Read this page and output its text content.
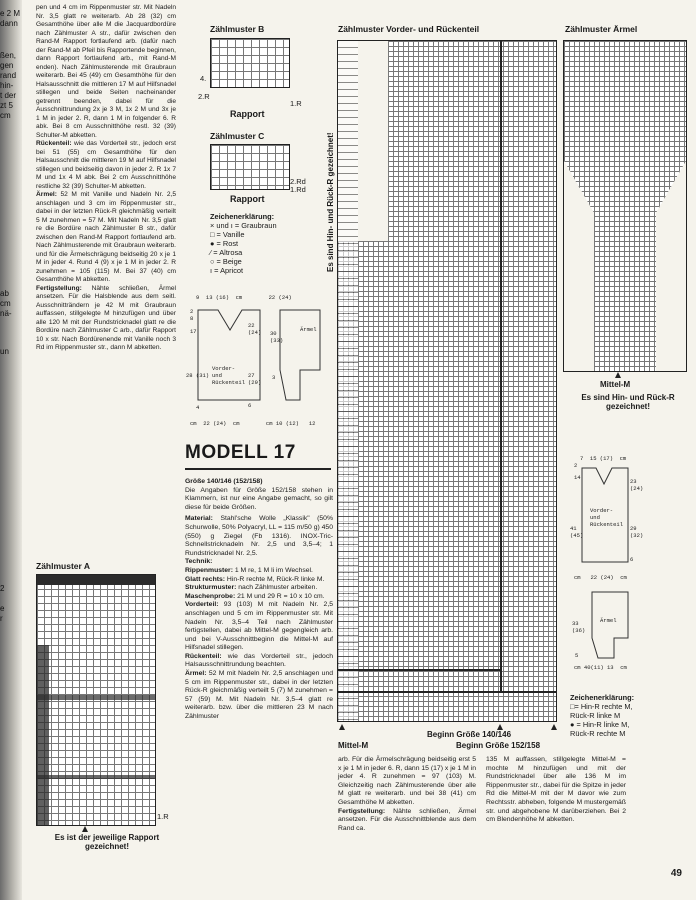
e 2 M
dann
ßen,
gen
rand
hin-
t der
zt 5
cm
ab
cm
nä-
un
2
e
r

pen und 4 cm im Rippenmuster str. Mit Nadeln Nr. 3,5 glatt re weiterarb. Ab 28 (32) cm Gesamthöhe über alle M die Jacquardbordüre nach Zählmuster A str., dafür zwischen den Rand-M Rapport fortlaufend arb. (dafür nach der Rand-M ab Pfeil bis Rapportende beginnen, dann Rapport fortlaufend arb., mit Rand-M enden). Nach Zählmusterende mit Graubraun weiterarb. Bei 45 (49) cm Gesamthöhe für den Halsausschnitt die mittleren 17 M auf Hilfsnadel stillegen und beide Seiten nacheinander getrennt beenden, dabei für die Ausschnittrundung 2x je 3 M, 1x 2 M und 3x je 1 M in jeder 2. R, dann 1 M in folgender 6. R abk. Bei 8 cm Ausschnitthöhe restl. 32 (39) Schulter-M abketten.

Rückenteil: wie das Vorderteil str., jedoch erst bei 51 (55) cm Gesamthöhe für den Halsausschnitt die mittleren 19 M auf Hilfsnadel stillegen und beidseitig davon in jeder 2. R 1x 7 M und 1x 4 M abk. Bei 2 cm Ausschnitthöhe restliche 32 (39) Schulter-M abketten.

Ärmel: 52 M mit Vanille und Nadeln Nr. 2,5 anschlagen und 3 cm im Rippenmuster str., dabei in der letzten Rück-R gleichmäßig verteilt 5 M zunehmen = 57 M. Mit Nadeln Nr. 3,5 glatt re die Bordüre nach Zählmuster B str., dafür zwischen den Rand-M Rapport fortlaufend arb. Nach Zählmusterende mit Graubraun weiterarb. und für die Ärmelschrägung beidseitig 20 x je 1 M in jeder 4. Rund 4 (9) x je 1 M in jeder 2. R zunehmen = 105 (115) M. Bei 37 (40) cm Gesamthöhe M abketten.

Fertigstellung: Nähte schließen, Ärmel ansetzen. Für die Halsblende aus dem seitl. Ausschnitträndern je 42 M mit Graubraun auffassen, stillgelegte M hinzufügen und über alle 120 M mit der Rundstricknadel glatt re die Bordüre nach Zählmuster C arb., dafür Rapport 10 x str. Nach Bordürenende mit Vanille noch 3 Rd im Rippenmuster str., dann M abketten.

Zählmuster A
1.R
Es ist der jeweilige Rapport gezeichnet!
Zählmuster B
4.
2.R
1.R
Rapport
Zählmuster C
2.Rd
1.Rd
Rapport
Zeichenerklärung:
× und ı = Graubraun
□ = Vanille
● = Rost
⁄ = Altrosa
○ = Beige
ı = Apricot
9  13 (16)  cm        22 (24)
Vorder-
und
Rückenteil
Ärmel
2
8
17
28 (31)
22
(24)
27
(29)
30
(33)
3
6
4
cm  22 (24)  cm        cm 10 (12)   12
MODELL 17

Größe 140/146 (152/158)

Die Angaben für Größe 152/158 stehen in Klammern, ist nur eine Angabe gemacht, so gilt diese für beide Größen.

Material: Stahl'sche Wolle „Klassik" (50% Schurwolle, 50% Polyacryl, LL = 115 m/50 g) 450 (550) g Ziegel (Fb 1316). INOX-Tric-Schnellstricknadeln Nr. 2,5 und 3,5–4; 1 Rundstricknadel Nr. 2,5.

Technik:

Rippenmuster: 1 M re, 1 M li im Wechsel.

Glatt rechts: Hin-R rechte M, Rück-R linke M.

Strukturmuster: nach Zählmuster arbeiten.

Maschenprobe: 21 M und 29 R = 10 x 10 cm.

Vorderteil: 93 (103) M mit Nadeln Nr. 2,5 anschlagen und 5 cm im Rippenmuster str. Mit Nadeln Nr. 3,5–4 Teil nach Zählmuster fertigstellen, dabei ab Mittel-M gegengleich arb. und bei V-Ausschnittbeginn die Mittel-M auf Hilfsnadel stillegen.

Rückenteil: wie das Vorderteil str., jedoch Halsausschnittrundung beachten.

Ärmel: 52 M mit Nadeln Nr. 2,5 anschlagen und 5 cm im Rippenmuster str., dabei in der letzten Rück-R gleichmäßig verteilt 5 (7) M zunehmen = 57 (59) M. Mit Nadeln Nr. 3,5–4 glatt re weiterarb. bzw. über die mittleren 23 M nach Zählmuster

Zählmuster Vorder- und Rückenteil
Es sind Hin- und Rück-R gezeichnet!
Mittel-M
Beginn Größe 140/146
Beginn Größe 152/158
Zählmuster Ärmel
Mittel-M
Es sind Hin- und Rück-R gezeichnet!
7  15 (17)  cm
Vorder-
und
Rückenteil
Ärmel
14
23
(24)
41
(45)
29
(32)
2
6
cm   22 (24)  cm
33
(36)
5
cm 40(11) 13  cm
Zeichenerklärung:
□= Hin-R rechte M,
Rück-R linke M
● = Hin-R linke M,
Rück-R rechte M

arb. Für die Ärmelschrägung beidseitig erst 5 x je 1 M in jeder 6. R, dann 15 (17) x je 1 M in jeder 4. R zunehmen = 97 (103) M. Gleichzeitig nach Zählmusterende über alle M glatt re weiterarb. und bei 38 (41) cm Gesamthöhe M abketten.

Fertigstellung: Nähte schließen, Ärmel ansetzen. Für die Ausschnittblende aus dem Rand ca.

135 M auffassen, stillgelegte Mittel-M = mochte M hinzufügen und mit der Rundstricknadel über alle 136 M im Rippenmuster str., dabei für die Spitze in jeder Rd die Mittel-M mit der M davor wie zum Rechtsstr. abheben, folgende M mustergemäß str. und abgehobene M darüberziehen. Bei 2 cm Blendenhöhe M abketten.

49
